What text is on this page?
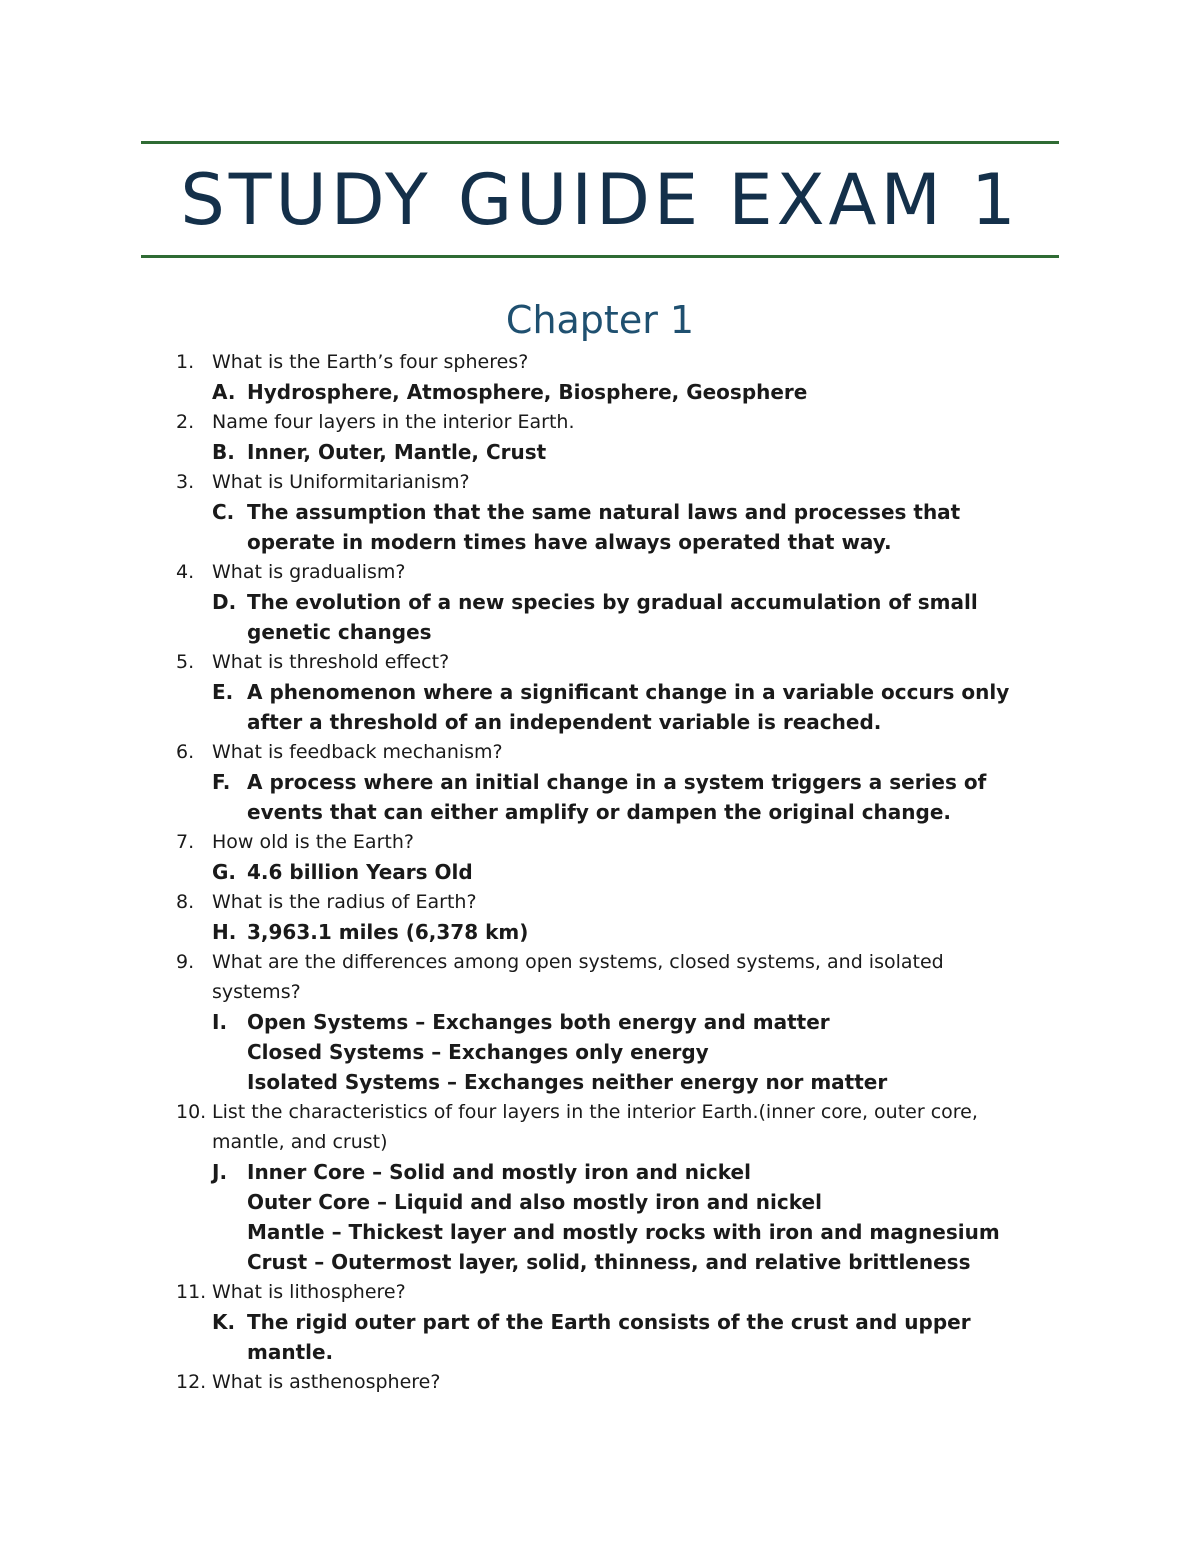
STUDY GUIDE EXAM 1
Chapter 1
1. What is the Earth’s four spheres?
A. Hydrosphere, Atmosphere, Biosphere, Geosphere
2. Name four layers in the interior Earth.
B. Inner, Outer, Mantle, Crust
3. What is Uniformitarianism?
C. The assumption that the same natural laws and processes that
operate in modern times have always operated that way.
4. What is gradualism?
D. The evolution of a new species by gradual accumulation of small
genetic changes
5. What is threshold effect?
E. A phenomenon where a significant change in a variable occurs only
after a threshold of an independent variable is reached.
6. What is feedback mechanism?
F. A process where an initial change in a system triggers a series of
events that can either amplify or dampen the original change.
7. How old is the Earth?
G. 4.6 billion Years Old
8. What is the radius of Earth?
H. 3,963.1 miles (6,378 km)
9. What are the differences among open systems, closed systems, and isolated
systems?
I. Open Systems – Exchanges both energy and matter
Closed Systems – Exchanges only energy
Isolated Systems – Exchanges neither energy nor matter
10. List the characteristics of four layers in the interior Earth.(inner core, outer core,
mantle, and crust)
J. Inner Core – Solid and mostly iron and nickel
Outer Core – Liquid and also mostly iron and nickel
Mantle – Thickest layer and mostly rocks with iron and magnesium
Crust – Outermost layer, solid, thinness, and relative brittleness
11. What is lithosphere?
K. The rigid outer part of the Earth consists of the crust and upper
mantle.
12. What is asthenosphere?
